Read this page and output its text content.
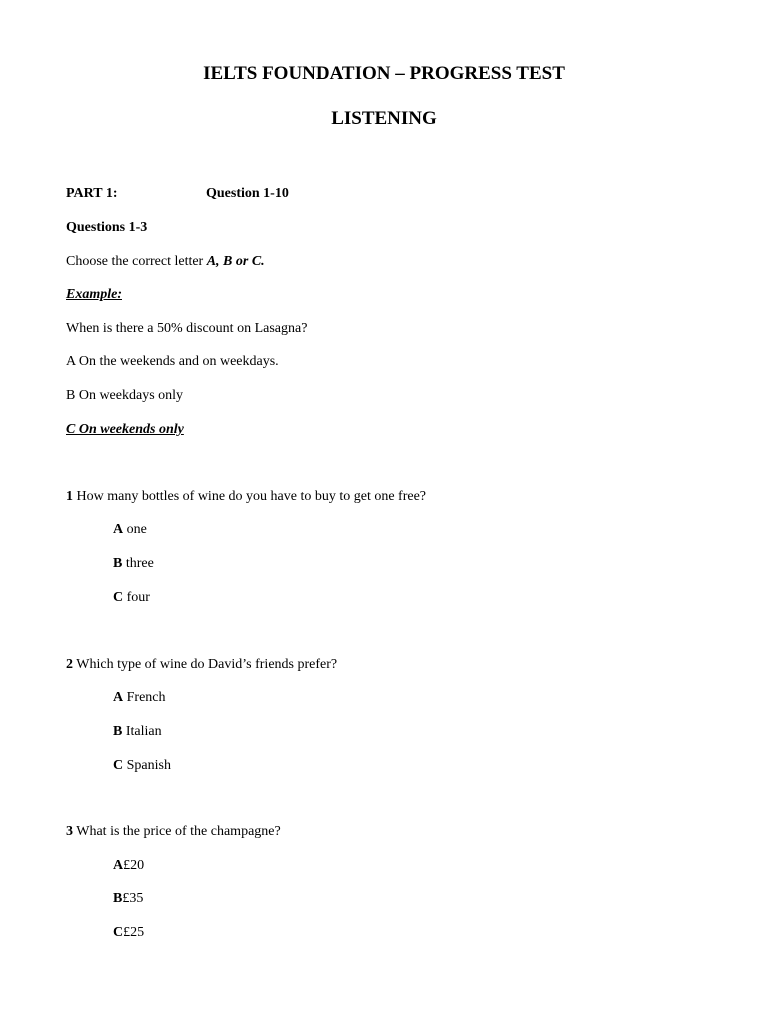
IELTS FOUNDATION – PROGRESS TEST
LISTENING
PART 1:	Question 1-10
Questions 1-3
Choose the correct letter A, B or C.
Example:
When is there a 50% discount on Lasagna?
A On the weekends and on weekdays.
B On weekdays only
C On weekends only
1 How many bottles of wine do you have to buy to get one free?
A one
B three
C four
2 Which type of wine do David’s friends prefer?
A French
B Italian
C Spanish
3 What is the price of the champagne?
A£20
B£35
C£25
